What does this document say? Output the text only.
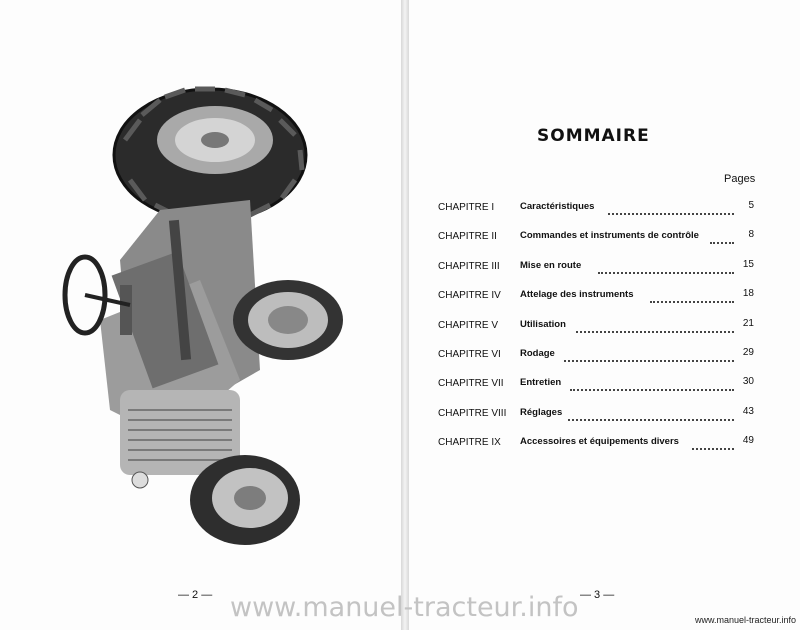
SOMMAIRE
Pages
CHAPITRE I	Caractéristiques	5
CHAPITRE II Commandes et instruments de contrôle	8
CHAPITRE III Mise en route	15
CHAPITRE IV Attelage des instruments	18
CHAPITRE V Utilisation	21
CHAPITRE VI Rodage	29
CHAPITRE VII Entretien	30
CHAPITRE VIII Réglages	43
CHAPITRE IX Accessoires et équipements divers	49
— 2 —	— 3 —
www.manuel-tracteur.info	www.manuel-tracteur.info
